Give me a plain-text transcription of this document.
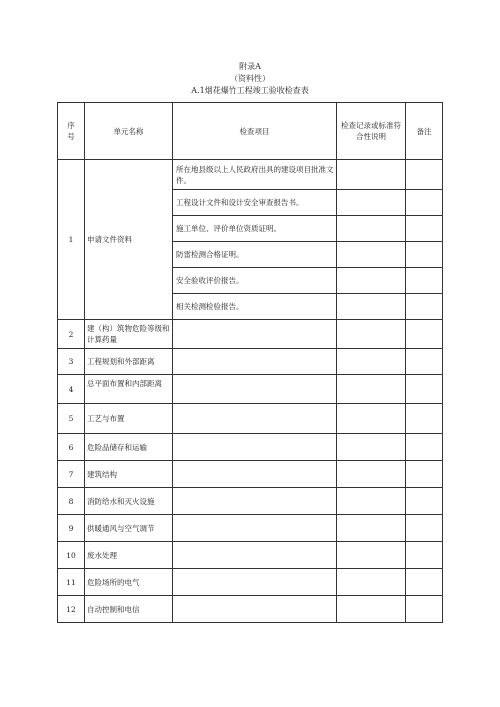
附录A
（资料性）
A.1烟花爆竹工程竣工验收检查表
序号	单元名称	检查项目	检查记录或标准符合性说明	备注
1	申请文件资料	所在地县级以上人民政府出具的建设项目批准文件。		
		工程设计文件和设计安全审查报告书。		
		施工单位、评价单位资质证明。		
		防雷检测合格证明。		
		安全验收评价报告。		
		相关检测检验报告。		
2	建（构）筑物危险等级和计算药量			
3	工程规划和外部距离			
4	总平面布置和内部距离			
5	工艺与布置			
6	危险品储存和运输			
7	建筑结构			
8	消防给水和灭火设施			
9	供暖通风与空气调节			
10	废水处理			
11	危险场所的电气			
12	自动控制和电信			
